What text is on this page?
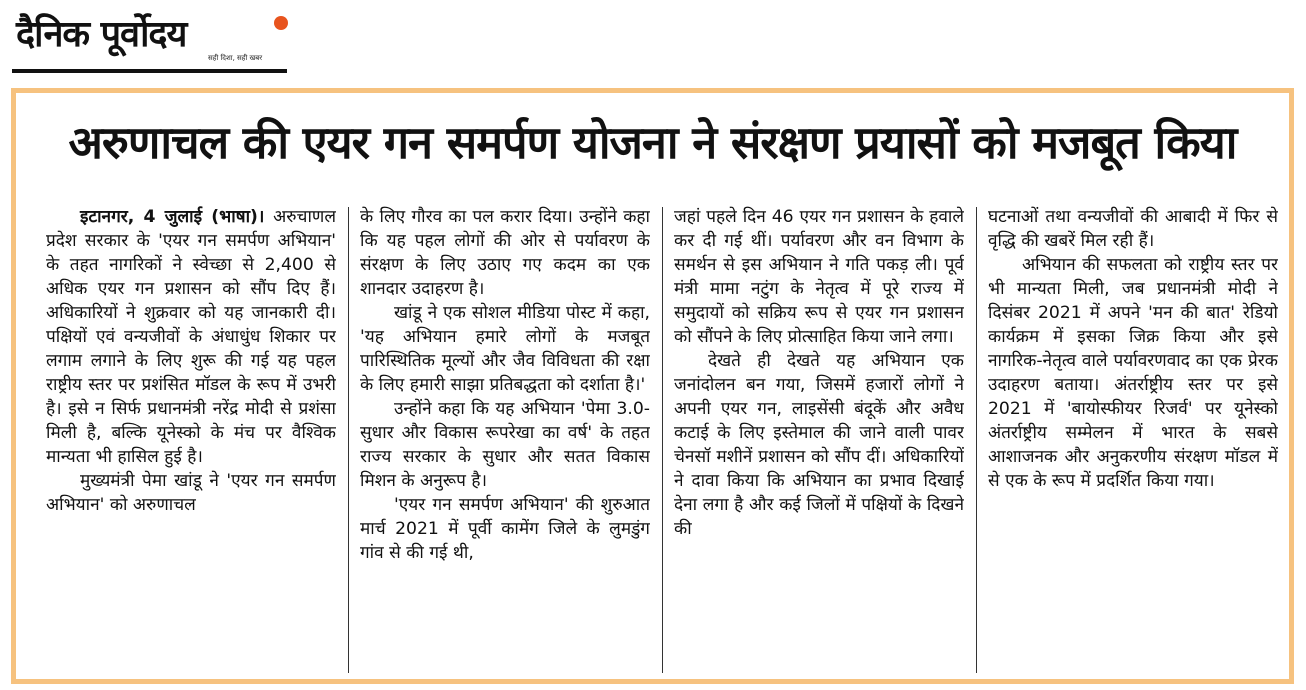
दैनिक पूर्वोदय
सही दिशा, सही खबर
अरुणाचल की एयर गन समर्पण योजना ने संरक्षण प्रयासों को मजबूत किया

इटानगर, 4 जुलाई (भाषा)। अरुचाणल प्रदेश सरकार के 'एयर गन समर्पण अभियान' के तहत नागरिकों ने स्वेच्छा से 2,400 से अधिक एयर गन प्रशासन को सौंप दिए हैं। अधिकारियों ने शुक्रवार को यह जानकारी दी। पक्षियों एवं वन्यजीवों के अंधाधुंध शिकार पर लगाम लगाने के लिए शुरू की गई यह पहल राष्ट्रीय स्तर पर प्रशंसित मॉडल के रूप में उभरी है। इसे न सिर्फ प्रधानमंत्री नरेंद्र मोदी से प्रशंसा मिली है, बल्कि यूनेस्को के मंच पर वैश्विक मान्यता भी हासिल हुई है।

मुख्यमंत्री पेमा खांडू ने 'एयर गन समर्पण अभियान' को अरुणाचल

के लिए गौरव का पल करार दिया। उन्होंने कहा कि यह पहल लोगों की ओर से पर्यावरण के संरक्षण के लिए उठाए गए कदम का एक शानदार उदाहरण है।

खांडू ने एक सोशल मीडिया पोस्ट में कहा, 'यह अभियान हमारे लोगों के मजबूत पारिस्थितिक मूल्यों और जैव विविधता की रक्षा के लिए हमारी साझा प्रतिबद्धता को दर्शाता है।'

उन्होंने कहा कि यह अभियान 'पेमा 3.0-सुधार और विकास रूपरेखा का वर्ष' के तहत राज्य सरकार के सुधार और सतत विकास मिशन के अनुरूप है।

'एयर गन समर्पण अभियान' की शुरुआत मार्च 2021 में पूर्वी कामेंग जिले के लुमडुंग गांव से की गई थी,

जहां पहले दिन 46 एयर गन प्रशासन के हवाले कर दी गई थीं। पर्यावरण और वन विभाग के समर्थन से इस अभियान ने गति पकड़ ली। पूर्व मंत्री मामा नटुंग के नेतृत्व में पूरे राज्य में समुदायों को सक्रिय रूप से एयर गन प्रशासन को सौंपने के लिए प्रोत्साहित किया जाने लगा।

देखते ही देखते यह अभियान एक जनांदोलन बन गया, जिसमें हजारों लोगों ने अपनी एयर गन, लाइसेंसी बंदूकें और अवैध कटाई के लिए इस्तेमाल की जाने वाली पावर चेनसॉ मशीनें प्रशासन को सौंप दीं। अधिकारियों ने दावा किया कि अभियान का प्रभाव दिखाई देना लगा है और कई जिलों में पक्षियों के दिखने की

घटनाओं तथा वन्यजीवों की आबादी में फिर से वृद्धि की खबरें मिल रही हैं।

अभियान की सफलता को राष्ट्रीय स्तर पर भी मान्यता मिली, जब प्रधानमंत्री मोदी ने दिसंबर 2021 में अपने 'मन की बात' रेडियो कार्यक्रम में इसका जिक्र किया और इसे नागरिक-नेतृत्व वाले पर्यावरणवाद का एक प्रेरक उदाहरण बताया। अंतर्राष्ट्रीय स्तर पर इसे 2021 में 'बायोस्फीयर रिजर्व' पर यूनेस्को अंतर्राष्ट्रीय सम्मेलन में भारत के सबसे आशाजनक और अनुकरणीय संरक्षण मॉडल में से एक के रूप में प्रदर्शित किया गया।
